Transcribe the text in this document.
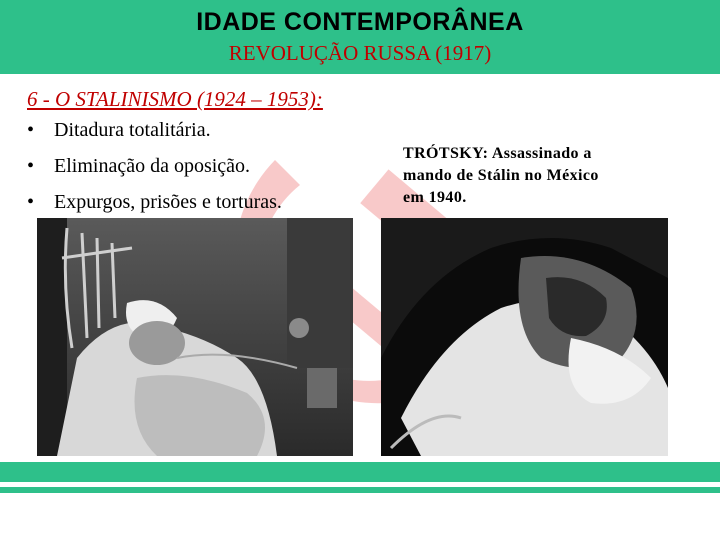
IDADE CONTEMPORÂNEA
REVOLUÇÃO RUSSA (1917)
6 - O STALINISMO (1924 – 1953):
• Ditadura totalitária.
• Eliminação da oposição.
• Expurgos, prisões e torturas.
TRÓTSKY: Assassinado a
mando de Stálin no México
em 1940.
